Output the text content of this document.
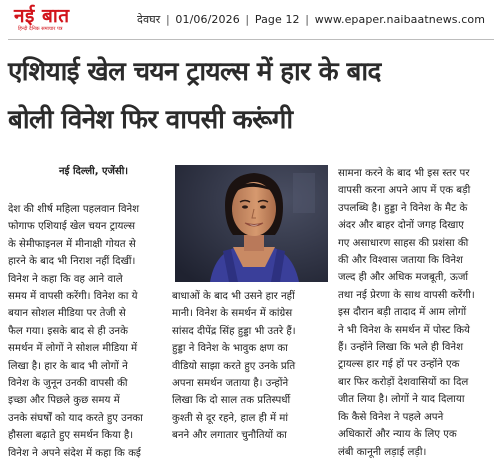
नई बात
हिन्दी दैनिक समाचार पत्र
देवघर | 01/06/2026 | Page 12 | www.epaper.naibaatnews.com
एशियाई खेल चयन ट्रायल्स में हार के बाद
बोली विनेश फिर वापसी करूंगी
नई दिल्ली, एजेंसी।
देश की शीर्ष महिला पहलवान विनेश
फोगाफ एशियाई खेल चयन ट्रायल्स
के सेमीफाइनल में मीनाक्षी गोयत से
हारने के बाद भी निराश नहीं दिखीं।
विनेश ने कहा कि वह आने वाले
समय में वापसी करेंगी। विनेश का ये
बयान सोशल मीडिया पर तेजी से
फैल गया। इसके बाद से ही उनके
समर्थन में लोगों ने सोशल मीडिया में
लिखा है। हार के बाद भी लोगों ने
विनेश के जुनून उनकी वापसी की
इच्छा और पिछले कुछ समय में
उनके संघर्षों को याद करते हुए उनका
हौसला बढ़ाते हुए समर्थन किया है।
विनेश ने अपने संदेश में कहा कि कई
बाधाओं के बाद भी उसने हार नहीं
मानी। विनेश के समर्थन में कांग्रेस
सांसद दीपेंद्र सिंह हुड्डा भी उतरे हैं।
हुड्डा ने विनेश के भावुक क्षण का
वीडियो साझा करते हुए उनके प्रति
अपना समर्थन जताया है। उन्होंने
लिखा कि दो साल तक प्रतिस्पर्धी
कुश्ती से दूर रहने, हाल ही में मां
बनने और लगातार चुनौतियों का
सामना करने के बाद भी इस स्तर पर
वापसी करना अपने आप में एक बड़ी
उपलब्धि है। हुड्डा ने विनेश के मैट के
अंदर और बाहर दोनों जगह दिखाए
गए असाधारण साहस की प्रशंसा की
की और विश्वास जताया कि विनेश
जल्द ही और अधिक मजबूती, ऊर्जा
तथा नई प्रेरणा के साथ वापसी करेंगी।
इस दौरान बड़ी तादाद में आम लोगों
ने भी विनेश के समर्थन में पोस्ट किये
हैं। उन्होंने लिखा कि भले ही विनेश
ट्रायल्स हार गई हों पर उन्होंने एक
बार फिर करोड़ों देशवासियों का दिल
जीत लिया है। लोगों ने याद दिलाया
कि कैसे विनेश ने पहले अपने
अधिकारों और न्याय के लिए एक
लंबी कानूनी लड़ाई लड़ी।
